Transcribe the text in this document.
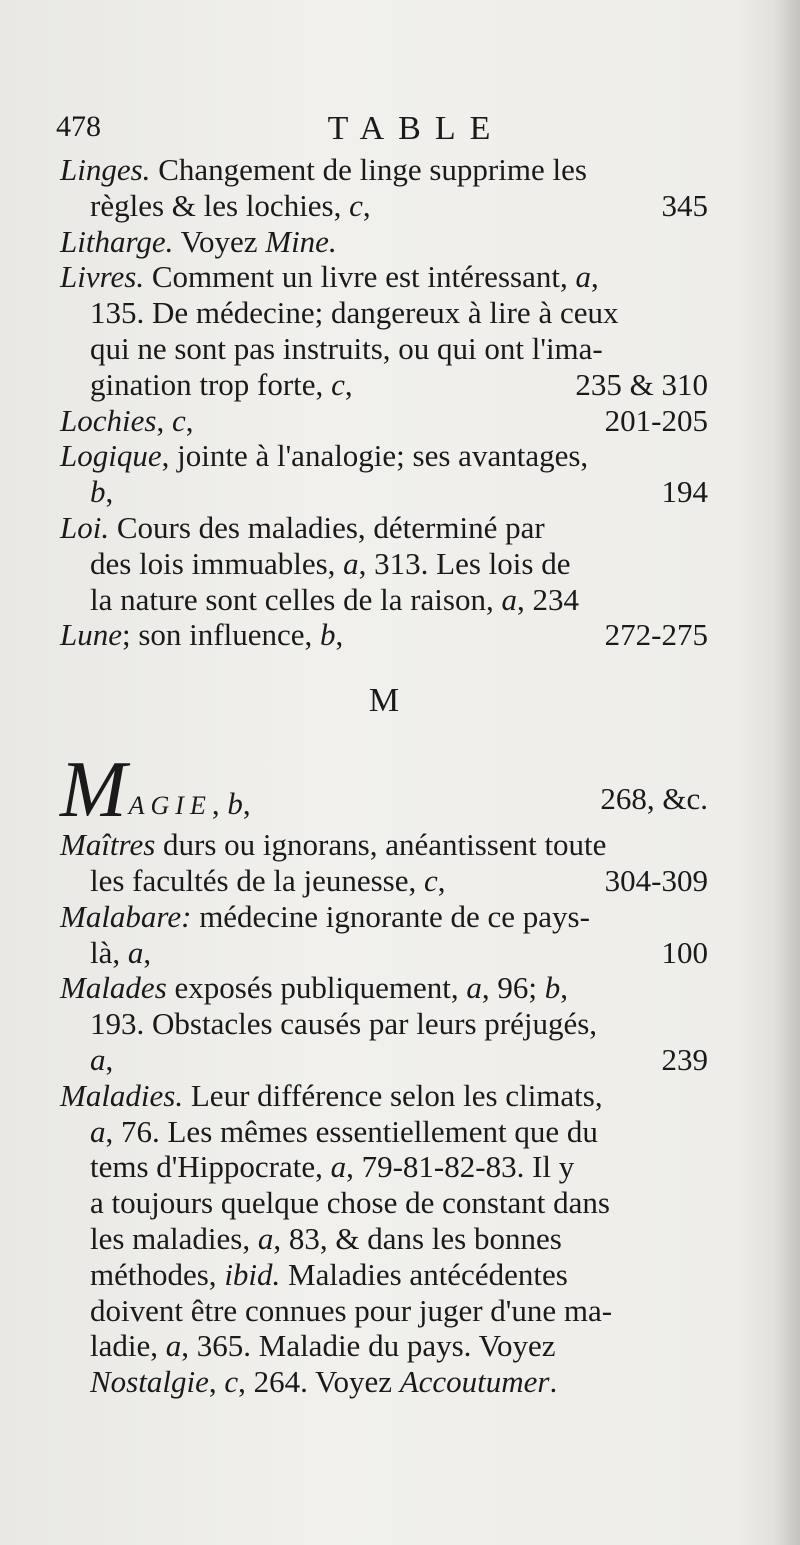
478	TABLE
Linges. Changement de linge supprime les
règles & les lochies, c,	345
Litharge. Voyez Mine.
Livres. Comment un livre est intéressant, a,
135. De médecine; dangereux à lire à ceux
qui ne sont pas instruits, ou qui ont l'ima-
gination trop forte, c,	235 & 310
Lochies, c,	201-205
Logique, jointe à l'analogie; ses avantages,
b,	194
Loi. Cours des maladies, déterminé par
des lois immuables, a, 313. Les lois de
la nature sont celles de la raison, a, 234
Lune; son influence, b,	272-275
M
MAGIE, b,	268, &c.
Maîtres durs ou ignorans, anéantissent toute
les facultés de la jeunesse, c,	304-309
Malabare: médecine ignorante de ce pays-
là, a,	100
Malades exposés publiquement, a, 96; b,
193. Obstacles causés par leurs préjugés,
a,	239
Maladies. Leur différence selon les climats,
a, 76. Les mêmes essentiellement que du
tems d'Hippocrate, a, 79-81-82-83. Il y
a toujours quelque chose de constant dans
les maladies, a, 83, & dans les bonnes
méthodes, ibid. Maladies antécédentes
doivent être connues pour juger d'une ma-
ladie, a, 365. Maladie du pays. Voyez
Nostalgie, c, 264. Voyez Accoutumer.
